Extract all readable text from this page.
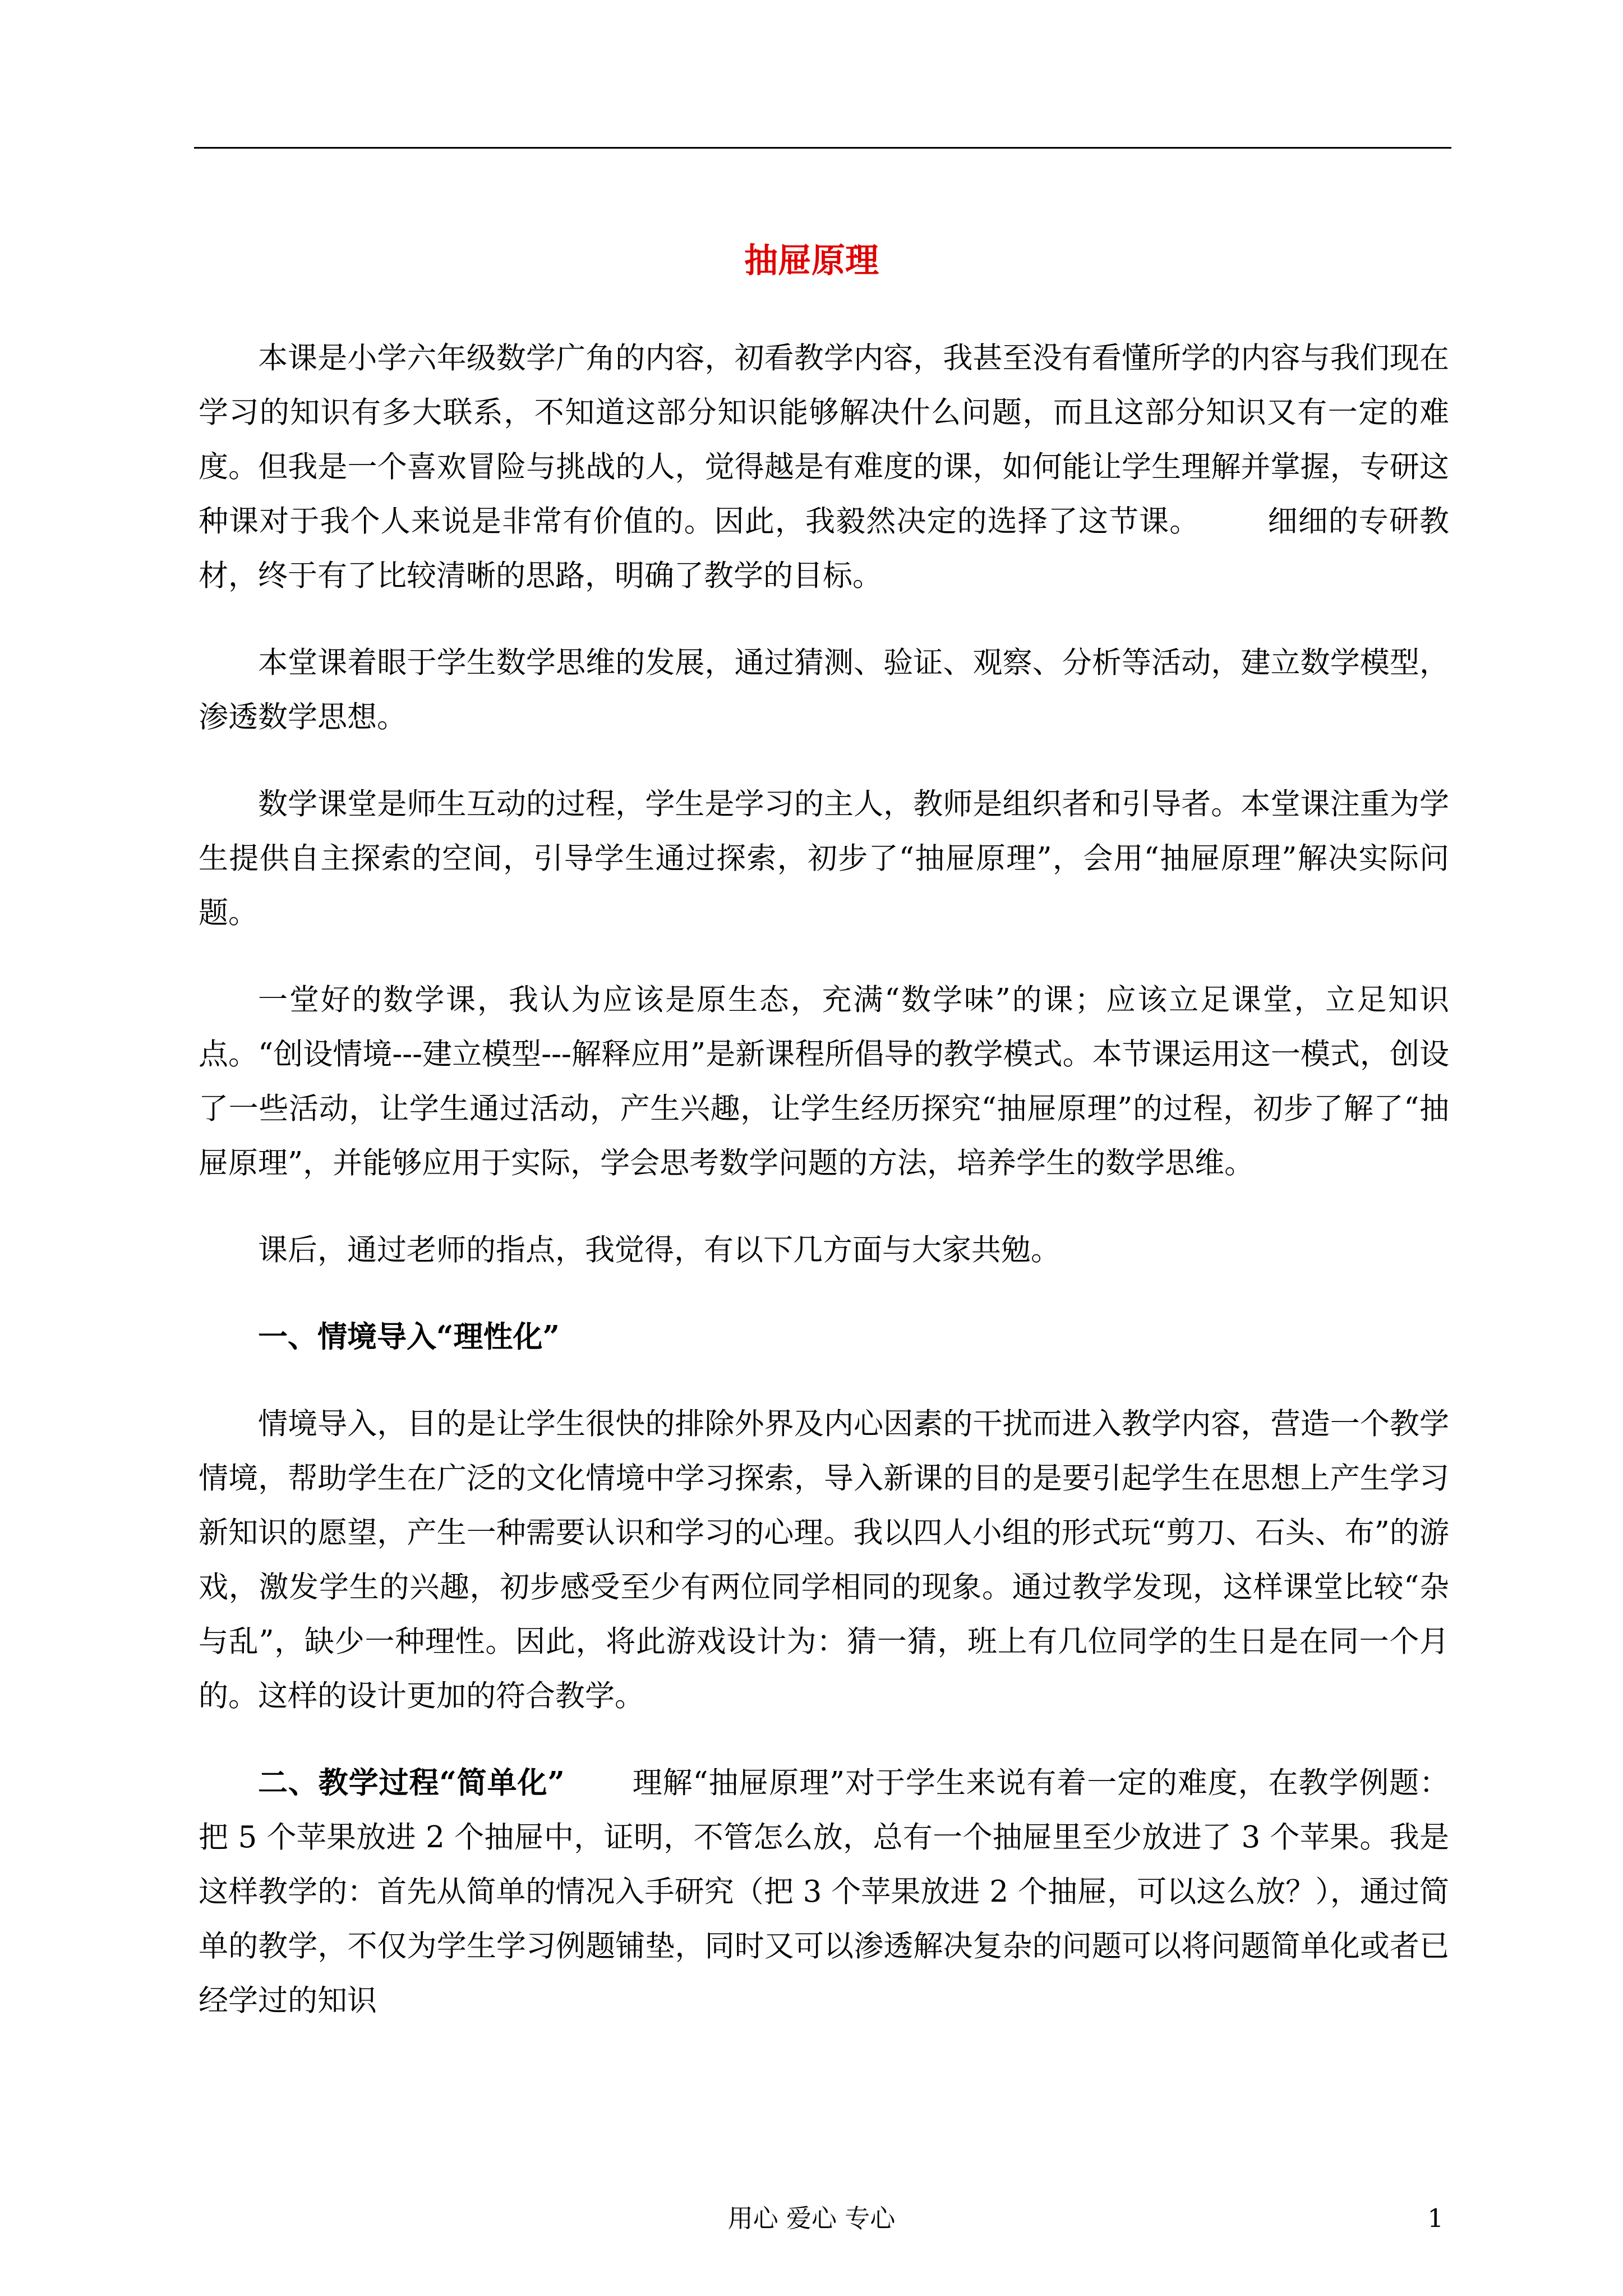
抽屉原理

本课是小学六年级数学广角的内容，初看教学内容，我甚至没有看懂所学的内容与我们现在学习的知识有多大联系，不知道这部分知识能够解决什么问题，而且这部分知识又有一定的难度。但我是一个喜欢冒险与挑战的人，觉得越是有难度的课，如何能让学生理解并掌握，专研这种课对于我个人来说是非常有价值的。因此，我毅然决定的选择了这节课。 细细的专研教材，终于有了比较清晰的思路，明确了教学的目标。

本堂课着眼于学生数学思维的发展，通过猜测、验证、观察、分析等活动，建立数学模型，渗透数学思想。

数学课堂是师生互动的过程，学生是学习的主人，教师是组织者和引导者。本堂课注重为学生提供自主探索的空间，引导学生通过探索，初步了“抽屉原理”，会用“抽屉原理”解决实际问题。

一堂好的数学课，我认为应该是原生态，充满“数学味”的课；应该立足课堂，立足知识点。“创设情境---建立模型---解释应用”是新课程所倡导的教学模式。本节课运用这一模式，创设了一些活动，让学生通过活动，产生兴趣，让学生经历探究“抽屉原理”的过程，初步了解了“抽屉原理”，并能够应用于实际，学会思考数学问题的方法，培养学生的数学思维。

课后，通过老师的指点，我觉得，有以下几方面与大家共勉。

一、情境导入“理性化”

情境导入，目的是让学生很快的排除外界及内心因素的干扰而进入教学内容，营造一个教学情境，帮助学生在广泛的文化情境中学习探索，导入新课的目的是要引起学生在思想上产生学习新知识的愿望，产生一种需要认识和学习的心理。我以四人小组的形式玩“剪刀、石头、布”的游戏，激发学生的兴趣，初步感受至少有两位同学相同的现象。通过教学发现，这样课堂比较“杂与乱”，缺少一种理性。因此，将此游戏设计为：猜一猜，班上有几位同学的生日是在同一个月的。这样的设计更加的符合教学。

二、教学过程“简单化” 理解“抽屉原理”对于学生来说有着一定的难度，在教学例题：把 5 个苹果放进 2 个抽屉中，证明，不管怎么放，总有一个抽屉里至少放进了 3 个苹果。我是这样教学的：首先从简单的情况入手研究（把 3 个苹果放进 2 个抽屉，可以这么放？），通过简单的教学，不仅为学生学习例题铺垫，同时又可以渗透解决复杂的问题可以将问题简单化或者已经学过的知识

用心 爱心 专心	1
